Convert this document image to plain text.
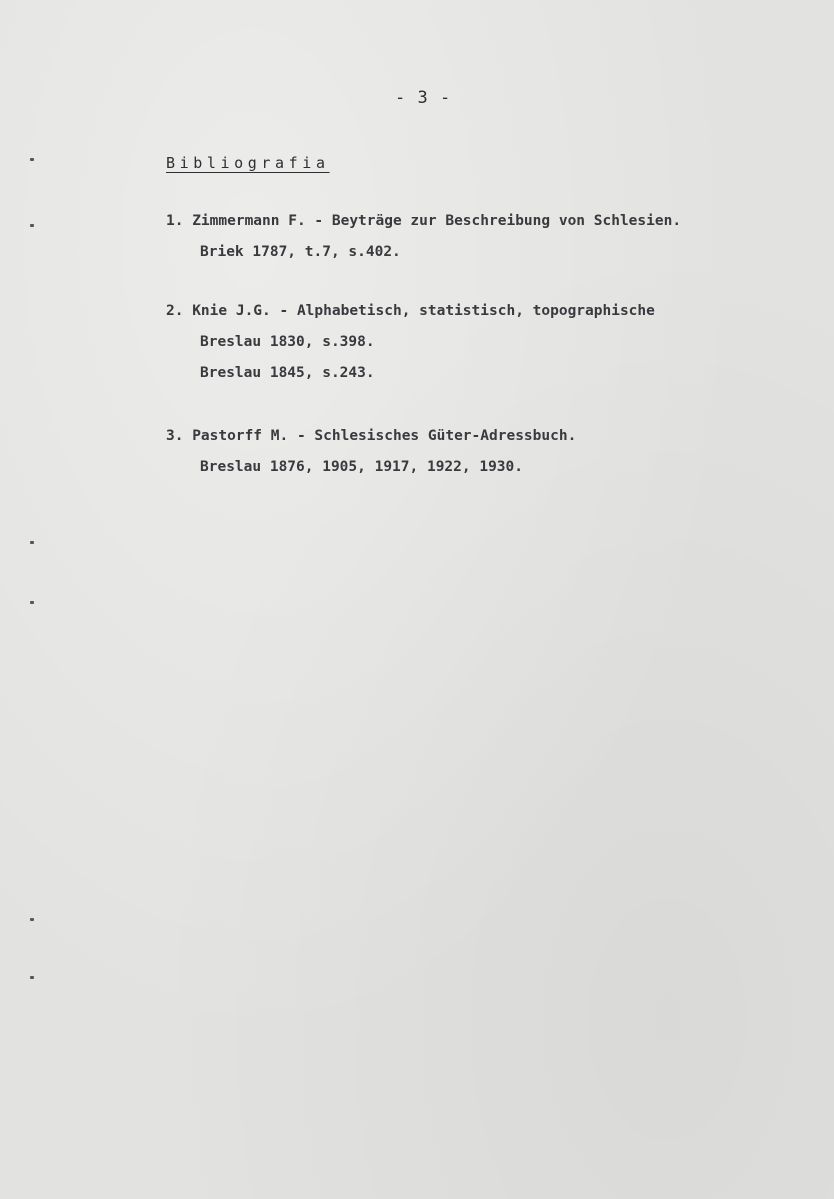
- 3 -
Bibliografia
1. Zimmermann F. - Beyträge zur Beschreibung von Schlesien.
Briek 1787, t.7, s.402.
2. Knie J.G. - Alphabetisch, statistisch, topographische
Breslau 1830, s.398.
Breslau 1845, s.243.
3. Pastorff M. - Schlesisches Güter-Adressbuch.
Breslau 1876, 1905, 1917, 1922, 1930.
